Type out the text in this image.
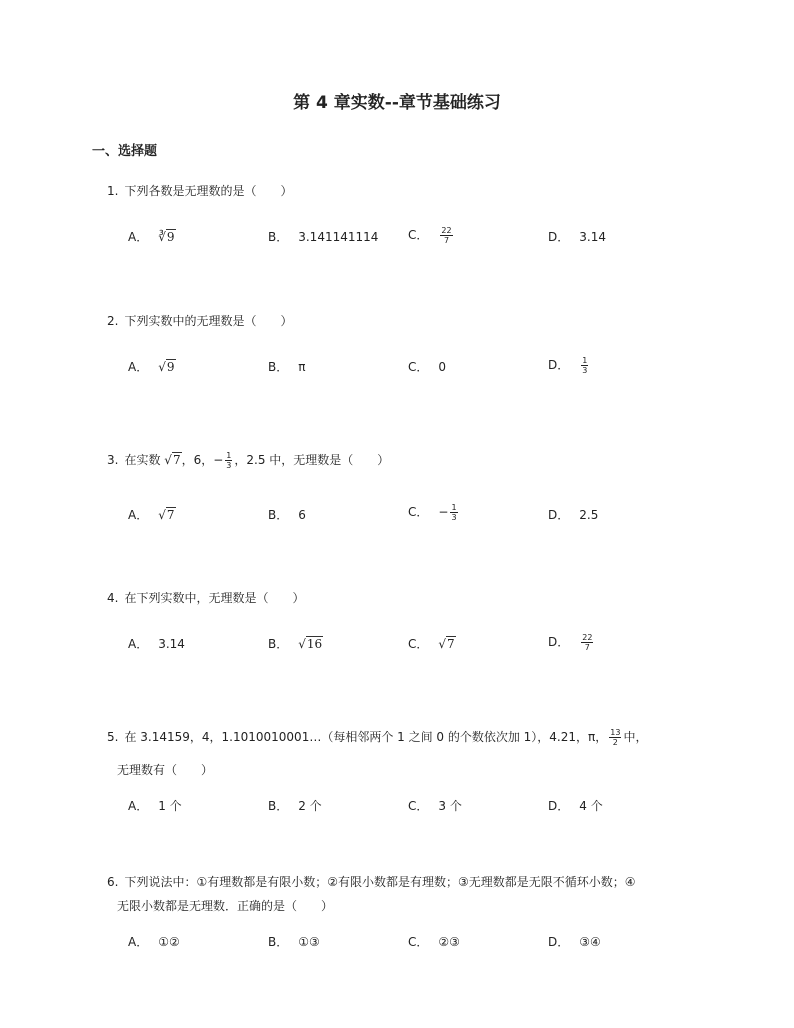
第 4 章实数--章节基础练习
一、选择题
1. 下列各数是无理数的是（　　）
A． ∛9	B． 3.141141114 C． $\frac{22}{7}$	D． 3.14
2. 下列实数中的无理数是（　　）
A． √9	B． π	C． 0	D． $\frac{1}{3}$
3. 在实数 √7，6，− $\frac{1}{3}$ ，2.5 中，无理数是（　　）
A． √7	B． 6	C． − $\frac{1}{3}$	D． 2.5
4. 在下列实数中，无理数是（　　）
A． 3.14	B． √16	C． √7	D． $\frac{22}{7}$
5. 在 3.14159，4，1.1010010001…（每相邻两个 1 之间 0 的个数依次加 1），4.21，π， $\frac{13}{2}$ 中，
无理数有（　　）
A． 1 个	B． 2 个	C． 3 个	D． 4 个
6. 下列说法中：①有理数都是有限小数；②有限小数都是有理数；③无理数都是无限不循环小数；④
无限小数都是无理数．正确的是（　　）
A． ①②	B． ①③	C． ②③	D． ③④
